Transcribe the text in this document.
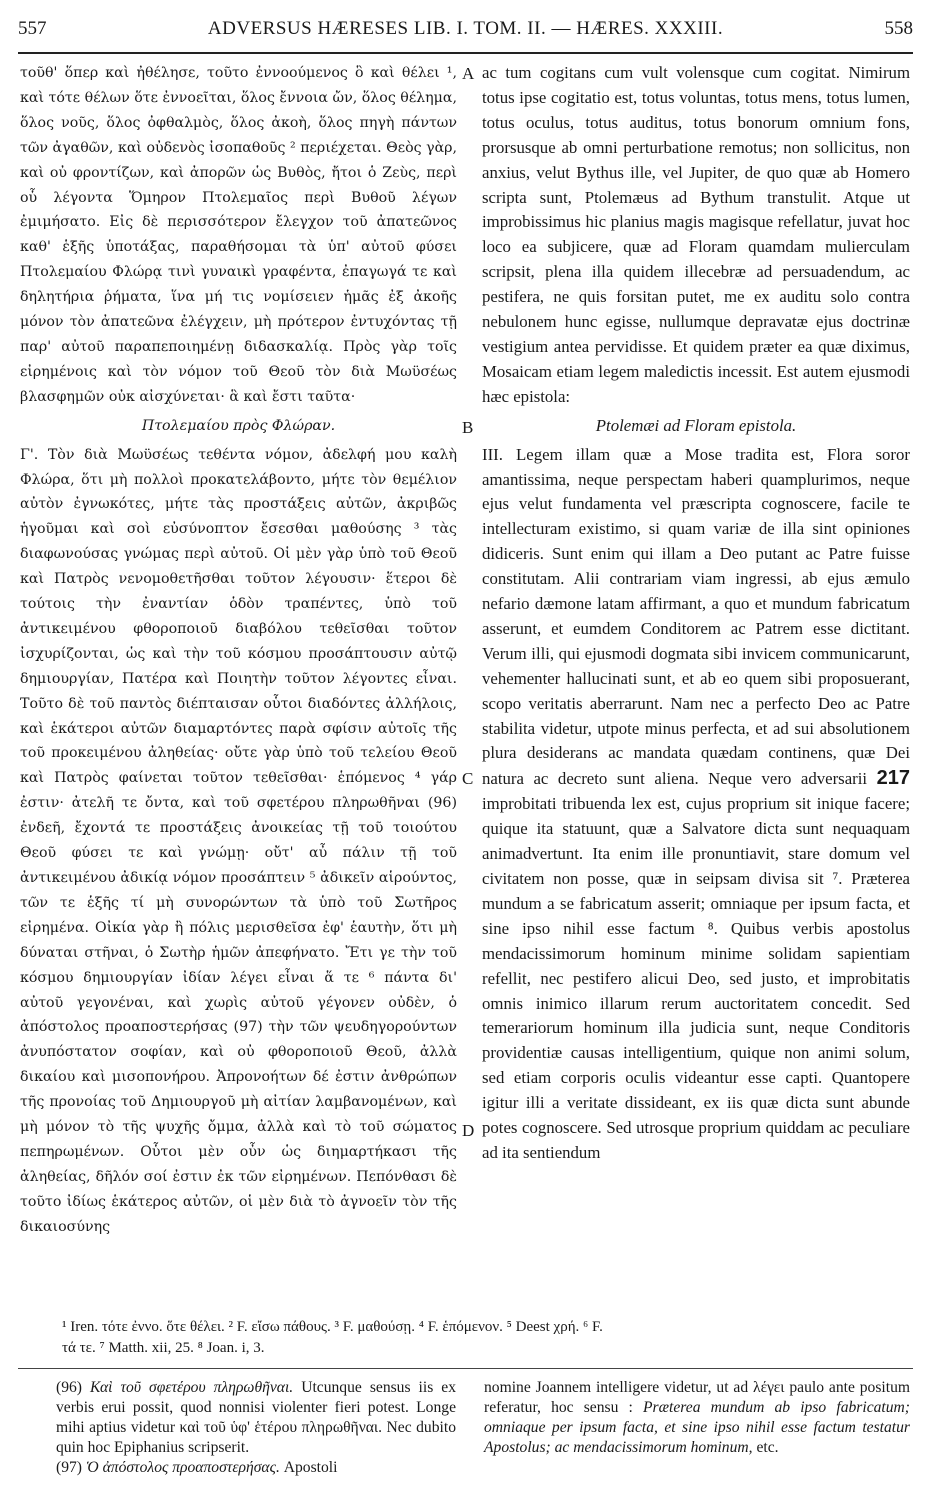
557	ADVERSUS HÆRESES LIB. I. TOM. II. — HÆRES. XXXIII.	558

τοῦθ' ὅπερ καὶ ἠθέλησε, τοῦτο ἐννοούμενος ὃ καὶ θέλει ¹, καὶ τότε θέλων ὅτε ἐννοεῖται, ὅλος ἔννοια ὤν, ὅλος θέλημα, ὅλος νοῦς, ὅλος ὀφθαλμὸς, ὅλος ἀκοὴ, ὅλος πηγὴ πάντων τῶν ἀγαθῶν, καὶ οὐδενὸς ἰσοπαθοῦς ² περιέχεται. Θεὸς γὰρ, καὶ οὐ φροντίζων, καὶ ἀπορῶν ὡς Βυθὸς, ἤτοι ὁ Ζεὺς, περὶ οὗ λέγοντα Ὅμηρον Πτολεμαῖος περὶ Βυθοῦ λέγων ἐμιμήσατο. Εἰς δὲ περισσότερον ἔλεγχον τοῦ ἀπατεῶνος καθ' ἑξῆς ὑποτάξας, παραθήσομαι τὰ ὑπ' αὐτοῦ φύσει Πτολεμαίου Φλώρᾳ τινὶ γυναικὶ γραφέντα, ἐπαγωγά τε καὶ δηλητήρια ῥήματα, ἵνα μή τις νομίσειεν ἡμᾶς ἐξ ἀκοῆς μόνον τὸν ἀπατεῶνα ἐλέγχειν, μὴ πρότερον ἐντυχόντας τῇ παρ' αὐτοῦ παραπεποιημένῃ διδασκαλίᾳ. Πρὸς γὰρ τοῖς εἰρημένοις καὶ τὸν νόμον τοῦ Θεοῦ τὸν διὰ Μωϋσέως βλασφημῶν οὐκ αἰσχύνεται· ἃ καὶ ἔστι ταῦτα·

Πτολεμαίου πρὸς Φλώραν.

Γ'. Τὸν διὰ Μωϋσέως τεθέντα νόμον, ἀδελφή μου καλὴ Φλώρα, ὅτι μὴ πολλοὶ προκατελάβοντο, μήτε τὸν θεμέλιον αὐτὸν ἐγνωκότες, μήτε τὰς προστάξεις αὐτῶν, ἀκριβῶς ἡγοῦμαι καὶ σοὶ εὐσύνοπτον ἔσεσθαι μαθούσης ³ τὰς διαφωνούσας γνώμας περὶ αὐτοῦ. Οἱ μὲν γὰρ ὑπὸ τοῦ Θεοῦ καὶ Πατρὸς νενομοθετῆσθαι τοῦτον λέγουσιν· ἕτεροι δὲ τούτοις τὴν ἐναντίαν ὁδὸν τραπέντες, ὑπὸ τοῦ ἀντικειμένου φθοροποιοῦ διαβόλου τεθεῖσθαι τοῦτον ἰσχυρίζονται, ὡς καὶ τὴν τοῦ κόσμου προσάπτουσιν αὐτῷ δημιουργίαν, Πατέρα καὶ Ποιητὴν τοῦτον λέγοντες εἶναι. Τοῦτο δὲ τοῦ παντὸς διέπταισαν οὗτοι διαδόντες ἀλλήλοις, καὶ ἑκάτεροι αὐτῶν διαμαρτόντες παρὰ σφίσιν αὐτοῖς τῆς τοῦ προκειμένου ἀληθείας· οὔτε γὰρ ὑπὸ τοῦ τελείου Θεοῦ καὶ Πατρὸς φαίνεται τοῦτον τεθεῖσθαι· ἑπόμενος ⁴ γάρ ἐστιν· ἀτελῆ τε ὄντα, καὶ τοῦ σφετέρου πληρωθῆναι (96) ἐνδεῆ, ἔχοντά τε προστάξεις ἀνοικείας τῇ τοῦ τοιούτου Θεοῦ φύσει τε καὶ γνώμῃ· οὔτ' αὖ πάλιν τῇ τοῦ ἀντικειμένου ἀδικίᾳ νόμον προσάπτειν ⁵ ἀδικεῖν αἱρούντος, τῶν τε ἑξῆς τί μὴ συνορώντων τὰ ὑπὸ τοῦ Σωτῆρος εἰρημένα. Οἰκία γὰρ ἢ πόλις μερισθεῖσα ἐφ' ἑαυτὴν, ὅτι μὴ δύναται στῆναι, ὁ Σωτὴρ ἡμῶν ἀπεφήνατο. Ἔτι γε τὴν τοῦ κόσμου δημιουργίαν ἰδίαν λέγει εἶναι ἅ τε ⁶ πάντα δι' αὐτοῦ γεγονέναι, καὶ χωρὶς αὐτοῦ γέγονεν οὐδὲν, ὁ ἀπόστολος προαποστερήσας (97) τὴν τῶν ψευδηγορούντων ἀνυπόστατον σοφίαν, καὶ οὐ φθοροποιοῦ Θεοῦ, ἀλλὰ δικαίου καὶ μισοπονήρου. Ἀπρονοήτων δέ ἐστιν ἀνθρώπων τῆς προνοίας τοῦ Δημιουργοῦ μὴ αἰτίαν λαμβανομένων, καὶ μὴ μόνον τὸ τῆς ψυχῆς ὄμμα, ἀλλὰ καὶ τὸ τοῦ σώματος πεπηρωμένων. Οὗτοι μὲν οὖν ὡς διημαρτήκασι τῆς ἀληθείας, δῆλόν σοί ἐστιν ἐκ τῶν εἰρημένων. Πεπόνθασι δὲ τοῦτο ἰδίως ἑκάτερος αὐτῶν, οἱ μὲν διὰ τὸ ἀγνοεῖν τὸν τῆς δικαιοσύνης

A
B
C
D

ac tum cogitans cum vult volensque cum cogitat. Nimirum totus ipse cogitatio est, totus voluntas, totus mens, totus lumen, totus oculus, totus auditus, totus bonorum omnium fons, prorsusque ab omni perturbatione remotus; non sollicitus, non anxius, velut Bythus ille, vel Jupiter, de quo quæ ab Homero scripta sunt, Ptolemæus ad Bythum transtulit. Atque ut improbissimus hic planius magis magisque refellatur, juvat hoc loco ea subjicere, quæ ad Floram quamdam mulierculam scripsit, plena illa quidem illecebræ ad persuadendum, ac pestifera, ne quis forsitan putet, me ex auditu solo contra nebulonem hunc egisse, nullumque depravatæ ejus doctrinæ vestigium antea pervidisse. Et quidem præter ea quæ diximus, Mosaicam etiam legem maledictis incessit. Est autem ejusmodi hæc epistola:

Ptolemæi ad Floram epistola.

III. Legem illam quæ a Mose tradita est, Flora soror amantissima, neque perspectam haberi quamplurimos, neque ejus velut fundamenta vel præscripta cognoscere, facile te intellecturam existimo, si quam variæ de illa sint opiniones didiceris. Sunt enim qui illam a Deo putant ac Patre fuisse constitutam. Alii contrariam viam ingressi, ab ejus æmulo nefario dæmone latam affirmant, a quo et mundum fabricatum asserunt, et eumdem Conditorem ac Patrem esse dictitant. Verum illi, qui ejusmodi dogmata sibi invicem communicarunt, vehementer hallucinati sunt, et ab eo quem sibi proposuerant, scopo veritatis aberrarunt. Nam nec a perfecto Deo ac Patre stabilita videtur, utpote minus perfecta, et ad sui absolutionem plura desiderans ac mandata quædam continens, quæ Dei natura ac decreto sunt aliena. Neque vero adversarii 217 improbitati tribuenda lex est, cujus proprium sit inique facere; quique ita statuunt, quæ a Salvatore dicta sunt nequaquam animadvertunt. Ita enim ille pronuntiavit, stare domum vel civitatem non posse, quæ in seipsam divisa sit ⁷. Præterea mundum a se fabricatum asserit; omniaque per ipsum facta, et sine ipso nihil esse factum ⁸. Quibus verbis apostolus mendacissimorum hominum minime solidam sapientiam refellit, nec pestifero alicui Deo, sed justo, et improbitatis omnis inimico illarum rerum auctoritatem concedit. Sed temerariorum hominum illa judicia sunt, neque Conditoris providentiæ causas intelligentium, quique non animi solum, sed etiam corporis oculis videantur esse capti. Quantopere igitur illi a veritate dissideant, ex iis quæ dicta sunt abunde potes cognoscere. Sed utrosque proprium quiddam ac peculiare ad ita sentiendum

¹ Iren. τότε ἐννο. ὅτε θέλει. ² F. εἴσω πάθους. ³ F. μαθούσῃ. ⁴ F. ἑπόμενον. ⁵ Deest χρή. ⁶ F.
τά τε. ⁷ Matth. xii, 25. ⁸ Joan. i, 3.

(96) Καὶ τοῦ σφετέρου πληρωθῆναι. Utcunque sensus iis ex verbis erui possit, quod nonnisi violenter fieri potest. Longe mihi aptius videtur καὶ τοῦ ὑφ' ἑτέρου πληρωθῆναι. Nec dubito quin hoc Epiphanius scripserit.

(97) Ὁ ἀπόστολος προαποστερήσας. Apostoli

nomine Joannem intelligere videtur, ut ad λέγει paulo ante positum referatur, hoc sensu : Præterea mundum ab ipso fabricatum; omniaque per ipsum facta, et sine ipso nihil esse factum testatur Apostolus; ac mendacissimorum hominum, etc.
